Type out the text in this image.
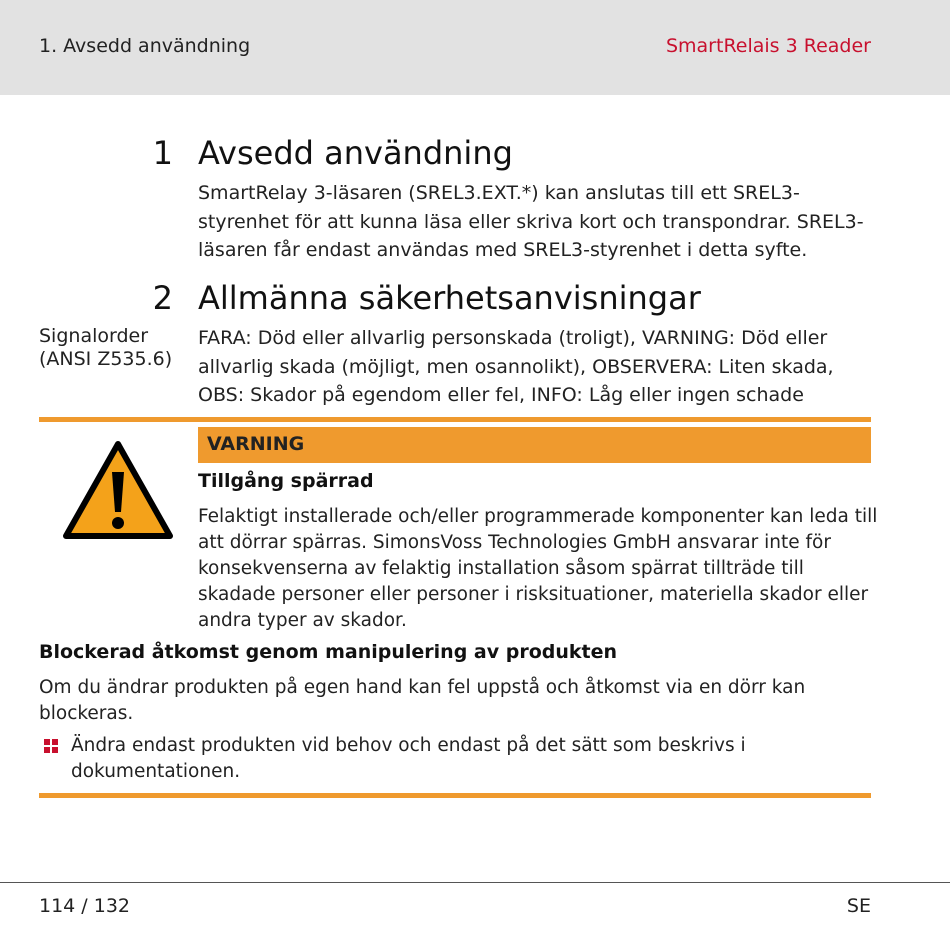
1. Avsedd användning	SmartRelais 3 Reader
1 Avsedd användning
SmartRelay 3-läsaren (SREL3.EXT.*) kan anslutas till ett SREL3-styrenhet för att kunna läsa eller skriva kort och transpondrar. SREL3-läsaren får endast användas med SREL3-styrenhet i detta syfte.
2 Allmänna säkerhetsanvisningar
Signalorder (ANSI Z535.6)
FARA: Död eller allvarlig personskada (troligt), VARNING: Död eller allvarlig skada (möjligt, men osannolikt), OBSERVERA: Liten skada, OBS: Skador på egendom eller fel, INFO: Låg eller ingen schade
VARNING
Tillgång spärrad
Felaktigt installerade och/eller programmerade komponenter kan leda till att dörrar spärras. SimonsVoss Technologies GmbH ansvarar inte för konsekvenserna av felaktig installation såsom spärrat tillträde till skadade personer eller personer i risksituationer, materiella skador eller andra typer av skador.
Blockerad åtkomst genom manipulering av produkten
Om du ändrar produkten på egen hand kan fel uppstå och åtkomst via en dörr kan blockeras.
Ändra endast produkten vid behov och endast på det sätt som beskrivs i dokumentationen.
114 / 132	SE
